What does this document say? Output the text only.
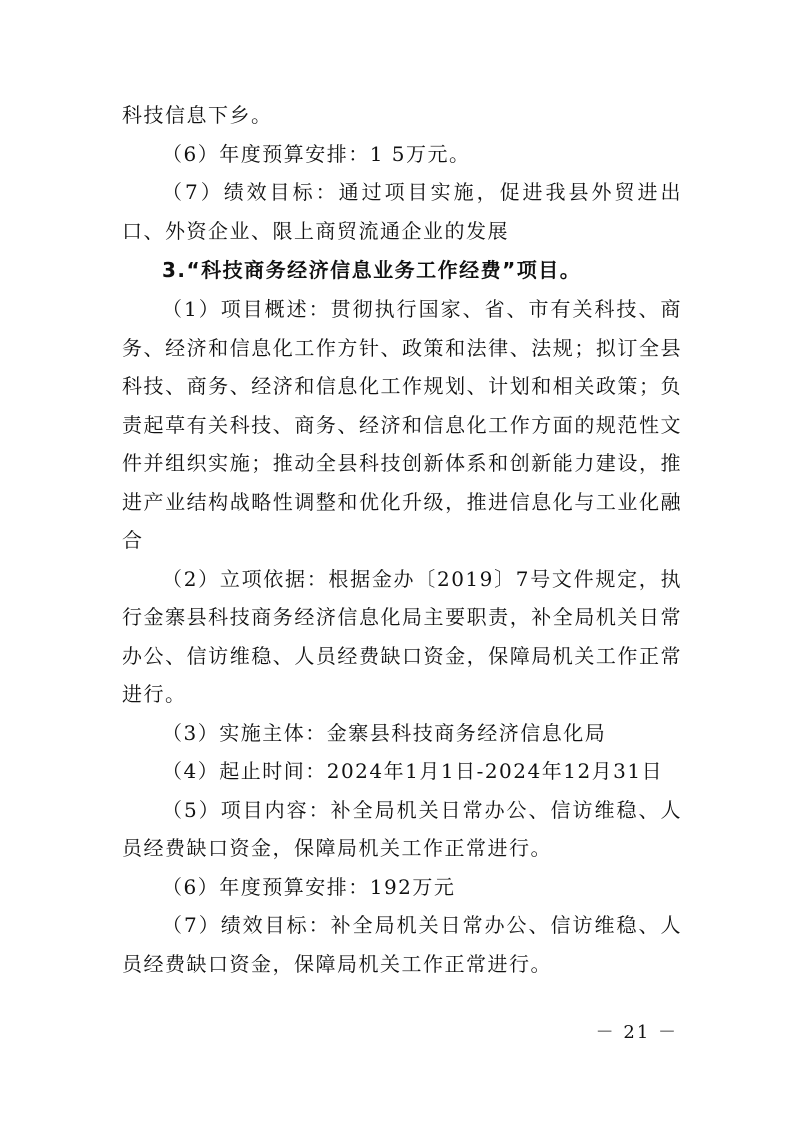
科技信息下乡。

（6）年度预算安排：1 5万元。

（7）绩效目标：通过项目实施，促进我县外贸进出口、外资企业、限上商贸流通企业的发展

3.“科技商务经济信息业务工作经费”项目。

（1）项目概述：贯彻执行国家、省、市有关科技、商务、经济和信息化工作方针、政策和法律、法规；拟订全县科技、商务、经济和信息化工作规划、计划和相关政策；负责起草有关科技、商务、经济和信息化工作方面的规范性文件并组织实施；推动全县科技创新体系和创新能力建设，推进产业结构战略性调整和优化升级，推进信息化与工业化融合

（2）立项依据：根据金办〔2019〕7号文件规定，执行金寨县科技商务经济信息化局主要职责，补全局机关日常办公、信访维稳、人员经费缺口资金，保障局机关工作正常进行。

（3）实施主体：金寨县科技商务经济信息化局

（4）起止时间：2024年1月1日-2024年12月31日

（5）项目内容：补全局机关日常办公、信访维稳、人员经费缺口资金，保障局机关工作正常进行。

（6）年度预算安排：192万元

（7）绩效目标：补全局机关日常办公、信访维稳、人员经费缺口资金，保障局机关工作正常进行。

－ 21 －
